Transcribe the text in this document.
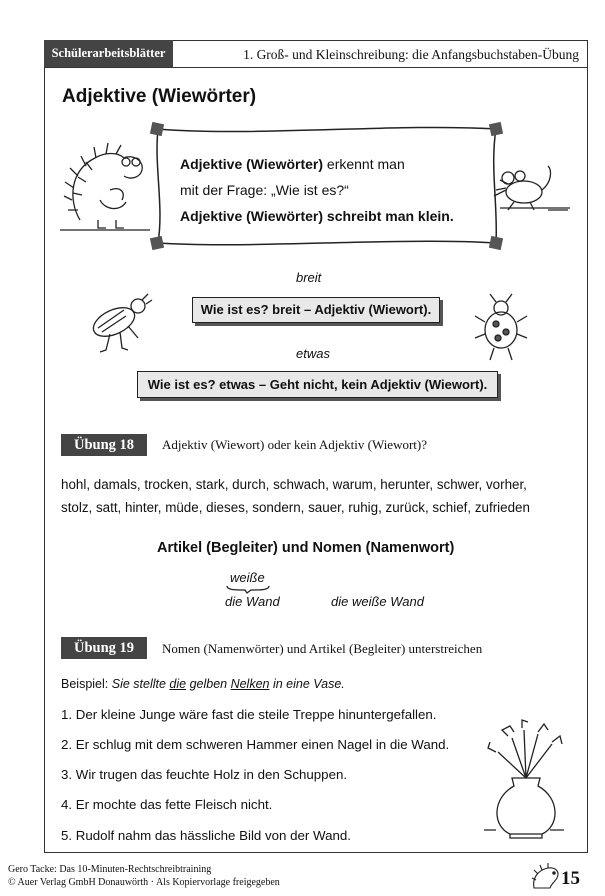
Schülerarbeitsblätter	1. Groß- und Kleinschreibung: die Anfangsbuchstaben-Übung
Adjektive (Wiewörter)
Adjektive (Wiewörter) erkennt man
mit der Frage: „Wie ist es?“
Adjektive (Wiewörter) schreibt man klein.
breit
Wie ist es? breit – Adjektiv (Wiewort).
etwas
Wie ist es? etwas – Geht nicht, kein Adjektiv (Wiewort).
Übung 18	Adjektiv (Wiewort) oder kein Adjektiv (Wiewort)?
hohl, damals, trocken, stark, durch, schwach, warum, herunter, schwer, vorher,
stolz, satt, hinter, müde, dieses, sondern, sauer, ruhig, zurück, schief, zufrieden
Artikel (Begleiter) und Nomen (Namenwort)
weiße
die Wand	die weiße Wand
Übung 19	Nomen (Namenwörter) und Artikel (Begleiter) unterstreichen
Beispiel: Sie stellte die gelben Nelken in eine Vase.
1. Der kleine Junge wäre fast die steile Treppe hinuntergefallen.
2. Er schlug mit dem schweren Hammer einen Nagel in die Wand.
3. Wir trugen das feuchte Holz in den Schuppen.
4. Er mochte das fette Fleisch nicht.
5. Rudolf nahm das hässliche Bild von der Wand.
Gero Tacke: Das 10-Minuten-Rechtschreibtraining
© Auer Verlag GmbH Donauwörth · Als Kopiervorlage freigegeben	15
